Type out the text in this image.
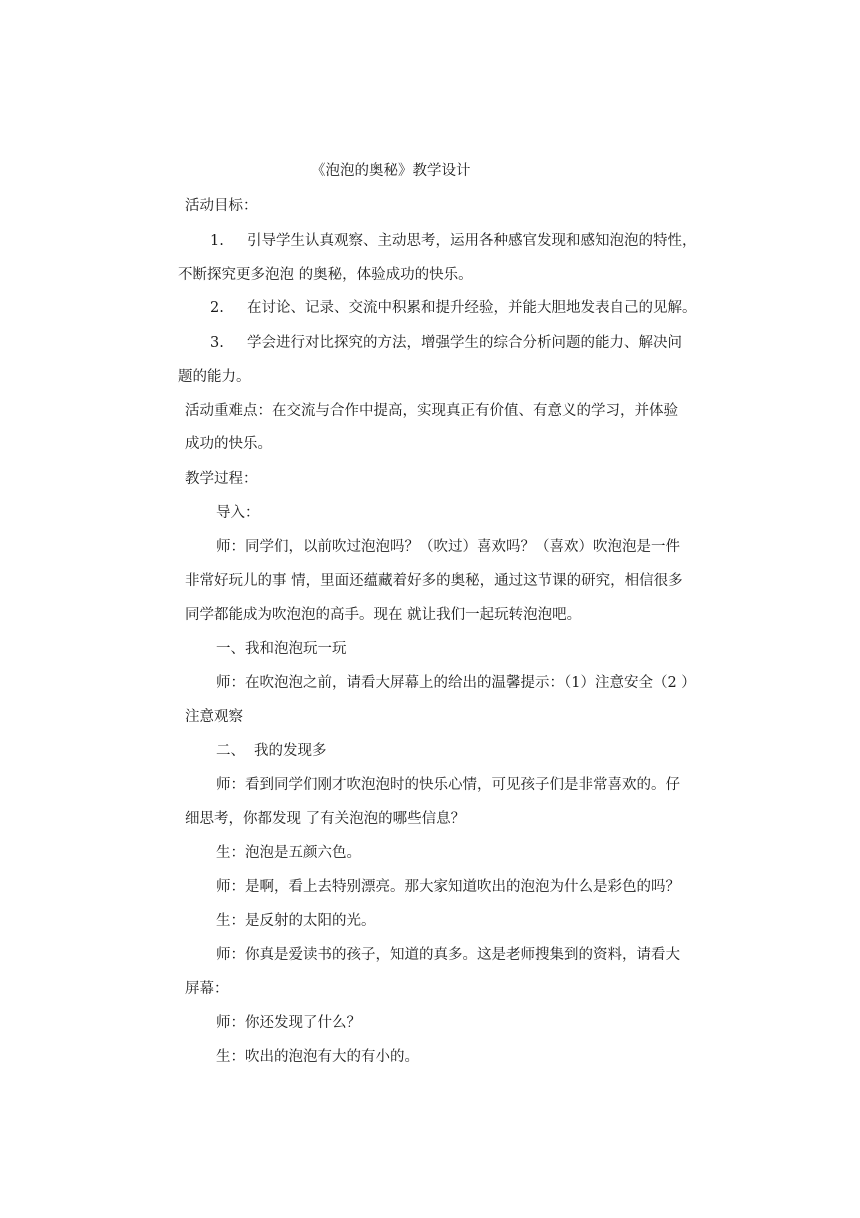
《泡泡的奥秘》教学设计
活动目标：
1. 引导学生认真观察、主动思考，运用各种感官发现和感知泡泡的特性，
不断探究更多泡泡 的奥秘，体验成功的快乐。
2. 在讨论、记录、交流中积累和提升经验，并能大胆地发表自己的见解。
3. 学会进行对比探究的方法，增强学生的综合分析问题的能力、解决问
题的能力。
活动重难点：在交流与合作中提高，实现真正有价值、有意义的学习，并体验
成功的快乐。
教学过程：
导入：
师：同学们，以前吹过泡泡吗？（吹过）喜欢吗？（喜欢）吹泡泡是一件
非常好玩儿的事 情，里面还蕴藏着好多的奥秘，通过这节课的研究，相信很多
同学都能成为吹泡泡的高手。现在 就让我们一起玩转泡泡吧。
一、我和泡泡玩一玩
师：在吹泡泡之前，请看大屏幕上的给出的温馨提示：（1）注意安全（2 ）
注意观察
二、 我的发现多
师：看到同学们刚才吹泡泡时的快乐心情，可见孩子们是非常喜欢的。仔
细思考，你都发现 了有关泡泡的哪些信息？
生：泡泡是五颜六色。
师：是啊，看上去特别漂亮。那大家知道吹出的泡泡为什么是彩色的吗？
生：是反射的太阳的光。
师：你真是爱读书的孩子，知道的真多。这是老师搜集到的资料，请看大
屏幕：
师：你还发现了什么？
生：吹出的泡泡有大的有小的。
